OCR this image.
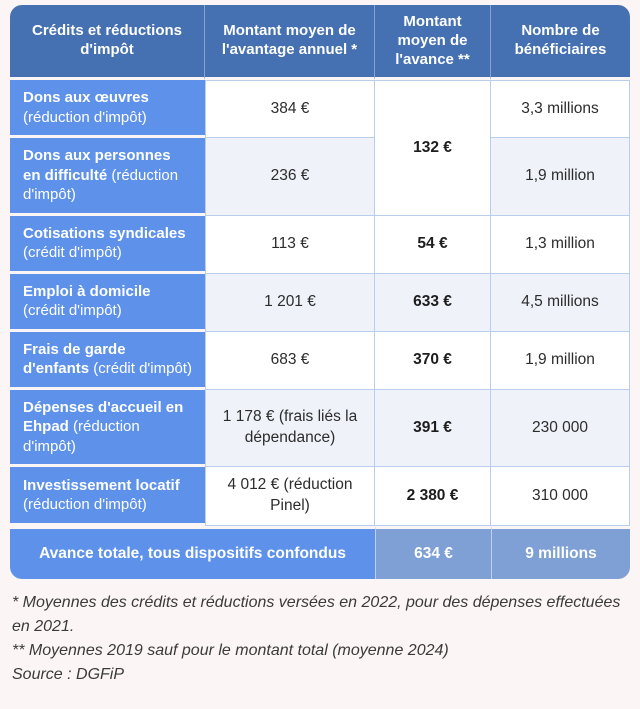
Crédits et réductions d'impôt	Montant moyen de l'avantage annuel *	Montant moyen de l'avance **	Nombre de bénéficiaires
Dons aux œuvres (réduction d'impôt)	384 €	132 €	3,3 millions
Dons aux personnes en difficulté (réduction d'impôt)	236 €		1,9 million
Cotisations syndicales (crédit d'impôt)	113 €	54 €	1,3 million
Emploi à domicile (crédit d'impôt)	1 201 €	633 €	4,5 millions
Frais de garde d'enfants (crédit d'impôt)	683 €	370 €	1,9 million
Dépenses d'accueil en Ehpad (réduction d'impôt)	1 178 € (frais liés la dépendance)	391 €	230 000
Investissement locatif (réduction d'impôt)	4 012 € (réduction Pinel)	2 380 €	310 000
Avance totale, tous dispositifs confondus		634 €	9 millions

* Moyennes des crédits et réductions versées en 2022, pour des dépenses effectuées en 2021.

** Moyennes 2019 sauf pour le montant total (moyenne 2024)

Source : DGFiP
